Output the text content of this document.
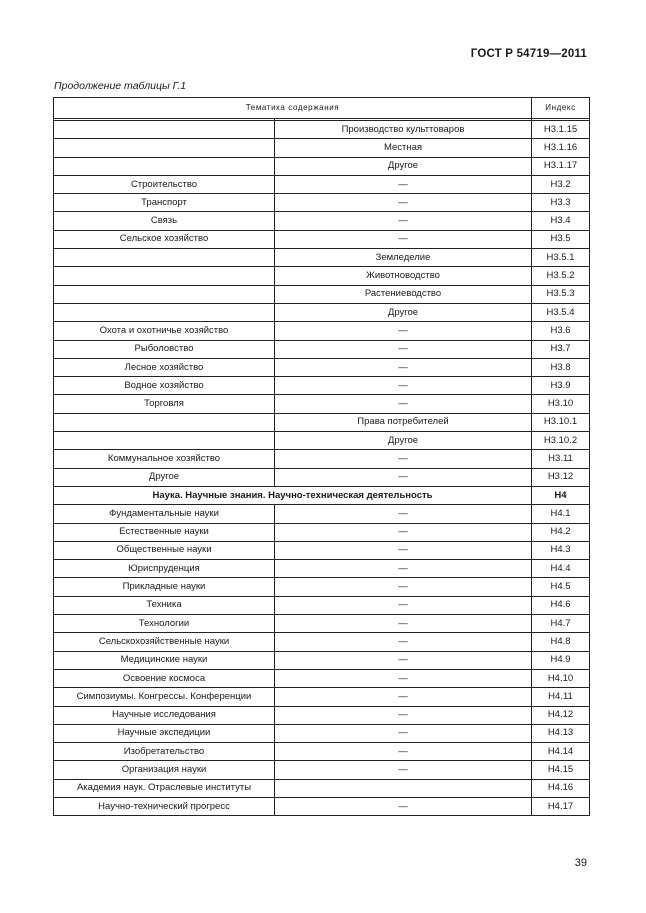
ГОСТ Р 54719—2011
Продолжение таблицы Г.1
Тематика содержания		Индекс

	Производство культтоваров	Н3.1.15
	Местная	Н3.1.16
	Другое	Н3.1.17
Строительство	—	Н3.2
Транспорт	—	Н3.3
Связь	—	Н3.4
Сельское хозяйство	—	Н3.5
	Земледелие	Н3.5.1
	Животноводство	Н3.5.2
	Растениеводство	Н3.5.3
	Другое	Н3.5.4
Охота и охотничье хозяйство	—	Н3.6
Рыболовство	—	Н3.7
Лесное хозяйство	—	Н3.8
Водное хозяйство	—	Н3.9
Торговля	—	Н3.10
	Права потребителей	Н3.10.1
	Другое	Н3.10.2
Коммунальное хозяйство	—	Н3.11
Другое	—	Н3.12
Наука. Научные знания. Научно-техническая деятельность		Н4
Фундаментальные науки	—	Н4.1
Естественные науки	—	Н4.2
Общественные науки	—	Н4.3
Юриспруденция	—	Н4.4
Прикладные науки	—	Н4.5
Техника	—	Н4.6
Технологии	—	Н4.7
Сельскохозяйственные науки	—	Н4.8
Медицинские науки	—	Н4.9
Освоение космоса	—	Н4.10
Симпозиумы. Конгрессы. Конференции	—	Н4.11
Научные исследования	—	Н4.12
Научные экспедиции	—	Н4.13
Изобретательство	—	Н4.14
Организация науки	—	Н4.15
Академия наук. Отраслевые институты		Н4.16
Научно-технический прогресс	—	Н4.17
39
